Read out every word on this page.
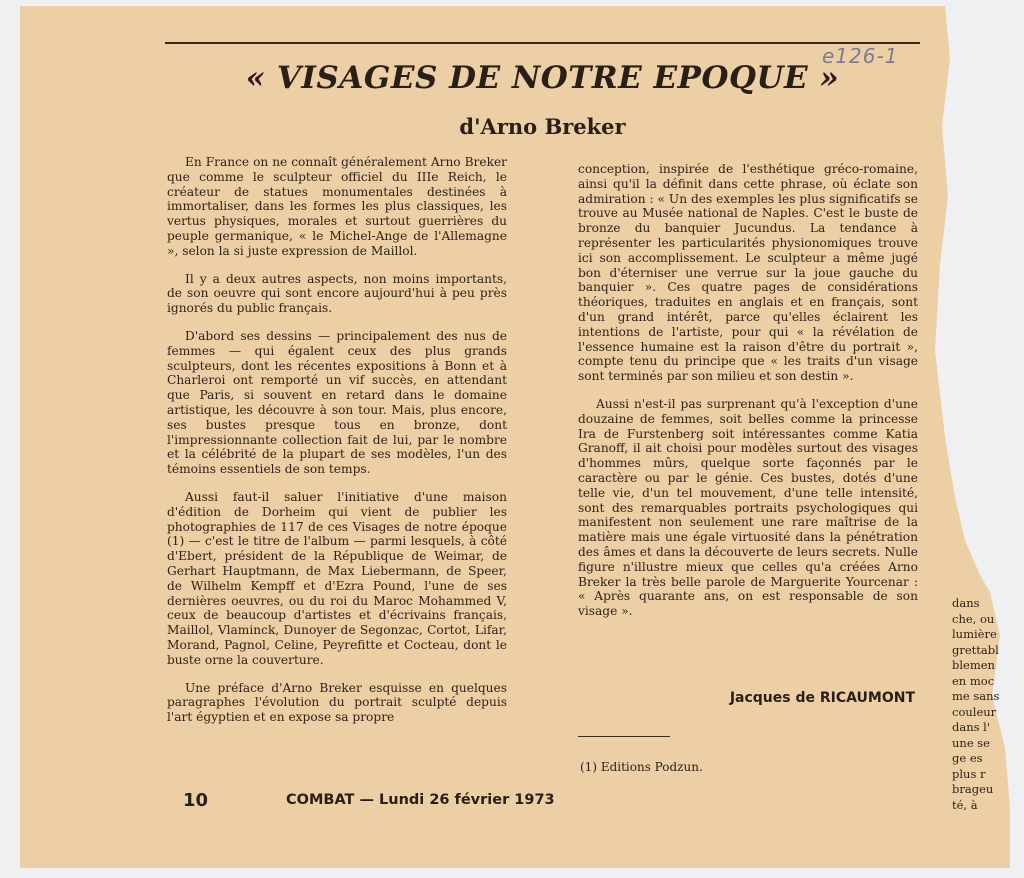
e126-1
« VISAGES DE NOTRE EPOQUE »
d'Arno Breker

En France on ne connaît généralement Arno Breker que comme le sculpteur officiel du IIIe Reich, le créateur de statues monumentales destinées à immortaliser, dans les formes les plus classiques, les vertus physiques, morales et surtout guerrières du peuple germanique, « le Michel-Ange de l'Allemagne », selon la si juste expression de Maillol.

Il y a deux autres aspects, non moins importants, de son oeuvre qui sont encore aujourd'hui à peu près ignorés du public français.

D'abord ses dessins — principalement des nus de femmes — qui égalent ceux des plus grands sculpteurs, dont les récentes expositions à Bonn et à Charleroi ont remporté un vif succès, en attendant que Paris, si souvent en retard dans le domaine artistique, les découvre à son tour. Mais, plus encore, ses bustes presque tous en bronze, dont l'impressionnante collection fait de lui, par le nombre et la célébrité de la plupart de ses modèles, l'un des témoins essentiels de son temps.

Aussi faut-il saluer l'initiative d'une maison d'édition de Dorheim qui vient de publier les photographies de 117 de ces Visages de notre époque (1) — c'est le titre de l'album — parmi lesquels, à côté d'Ebert, président de la République de Weimar, de Gerhart Hauptmann, de Max Liebermann, de Speer, de Wilhelm Kempff et d'Ezra Pound, l'une de ses dernières oeuvres, ou du roi du Maroc Mohammed V, ceux de beaucoup d'artistes et d'écrivains français, Maillol, Vlaminck, Dunoyer de Segonzac, Cortot, Lifar, Morand, Pagnol, Celine, Peyrefitte et Cocteau, dont le buste orne la couverture.

Une préface d'Arno Breker esquisse en quelques paragraphes l'évolution du portrait sculpté depuis l'art égyptien et en expose sa propre

conception, inspirée de l'esthétique gréco-romaine, ainsi qu'il la définit dans cette phrase, où éclate son admiration : « Un des exemples les plus significatifs se trouve au Musée national de Naples. C'est le buste de bronze du banquier Jucundus. La tendance à représenter les particularités physionomiques trouve ici son accomplissement. Le sculpteur a même jugé bon d'éterniser une verrue sur la joue gauche du banquier ». Ces quatre pages de considérations théoriques, traduites en anglais et en français, sont d'un grand intérêt, parce qu'elles éclairent les intentions de l'artiste, pour qui « la révélation de l'essence humaine est la raison d'être du portrait », compte tenu du principe que « les traits d'un visage sont terminés par son milieu et son destin ».

Aussi n'est-il pas surprenant qu'à l'exception d'une douzaine de femmes, soit belles comme la princesse Ira de Furstenberg soit intéressantes comme Katia Granoff, il ait choisi pour modèles surtout des visages d'hommes mûrs, quelque sorte façonnés par le caractère ou par le génie. Ces bustes, dotés d'une telle vie, d'un tel mouvement, d'une telle intensité, sont des remarquables portraits psychologiques qui manifestent non seulement une rare maîtrise de la matière mais une égale virtuosité dans la pénétration des âmes et dans la découverte de leurs secrets. Nulle figure n'illustre mieux que celles qu'a créées Arno Breker la très belle parole de Marguerite Yourcenar : « Après quarante ans, on est responsable de son visage ».

Jacques de RICAUMONT
(1) Editions Podzun.
10	COMBAT — Lundi 26 février 1973
dans
che, ou
lumière
grettabl
blemen
en moc
me sans
couleur
dans l'
une se
ge es
plus r
brageu
té, à
